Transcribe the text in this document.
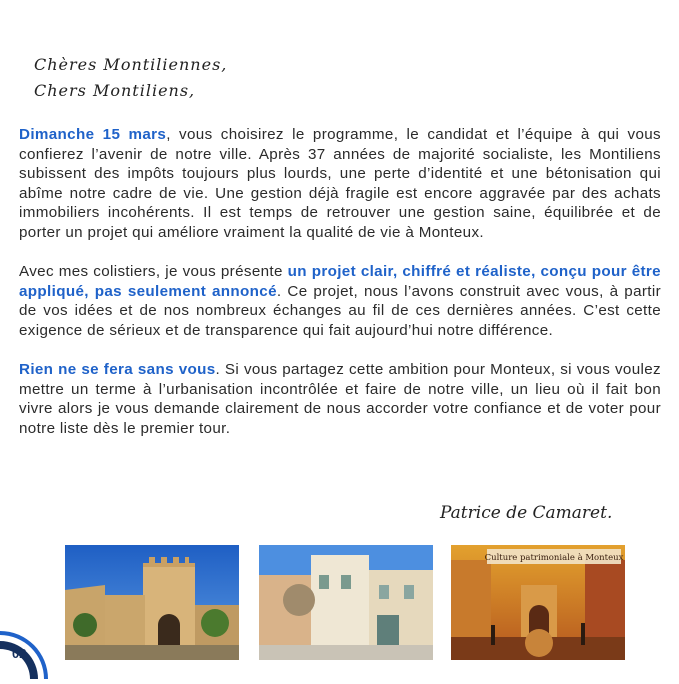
Chères Montiliennes,
Chers Montiliens,

Dimanche 15 mars, vous choisirez le programme, le candidat et l’équipe à qui vous confierez l’avenir de notre ville. Après 37 années de majorité socialiste, les Montiliens subissent des impôts toujours plus lourds, une perte d’identité et une bétonisation qui abîme notre cadre de vie. Une gestion déjà fragile est encore aggravée par des achats immobiliers incohérents. Il est temps de retrouver une gestion saine, équilibrée et de porter un projet qui améliore vraiment la qualité de vie à Monteux.

Avec mes colistiers, je vous présente un projet clair, chiffré et réaliste, conçu pour être appliqué, pas seulement annoncé. Ce projet, nous l’avons construit avec vous, à partir de vos idées et de nos nombreux échanges au fil de ces dernières années. C’est cette exigence de sérieux et de transparence qui fait aujourd’hui notre différence.

Rien ne se fera sans vous. Si vous partagez cette ambition pour Monteux, si vous voulez mettre un terme à l’urbanisation incontrôlée et faire de notre ville, un lieu où il fait bon vivre alors je vous demande clairement de nous accorder votre confiance et de voter pour notre liste dès le premier tour.

Patrice de Camaret.
Culture patrimoniale à Monteux
02
